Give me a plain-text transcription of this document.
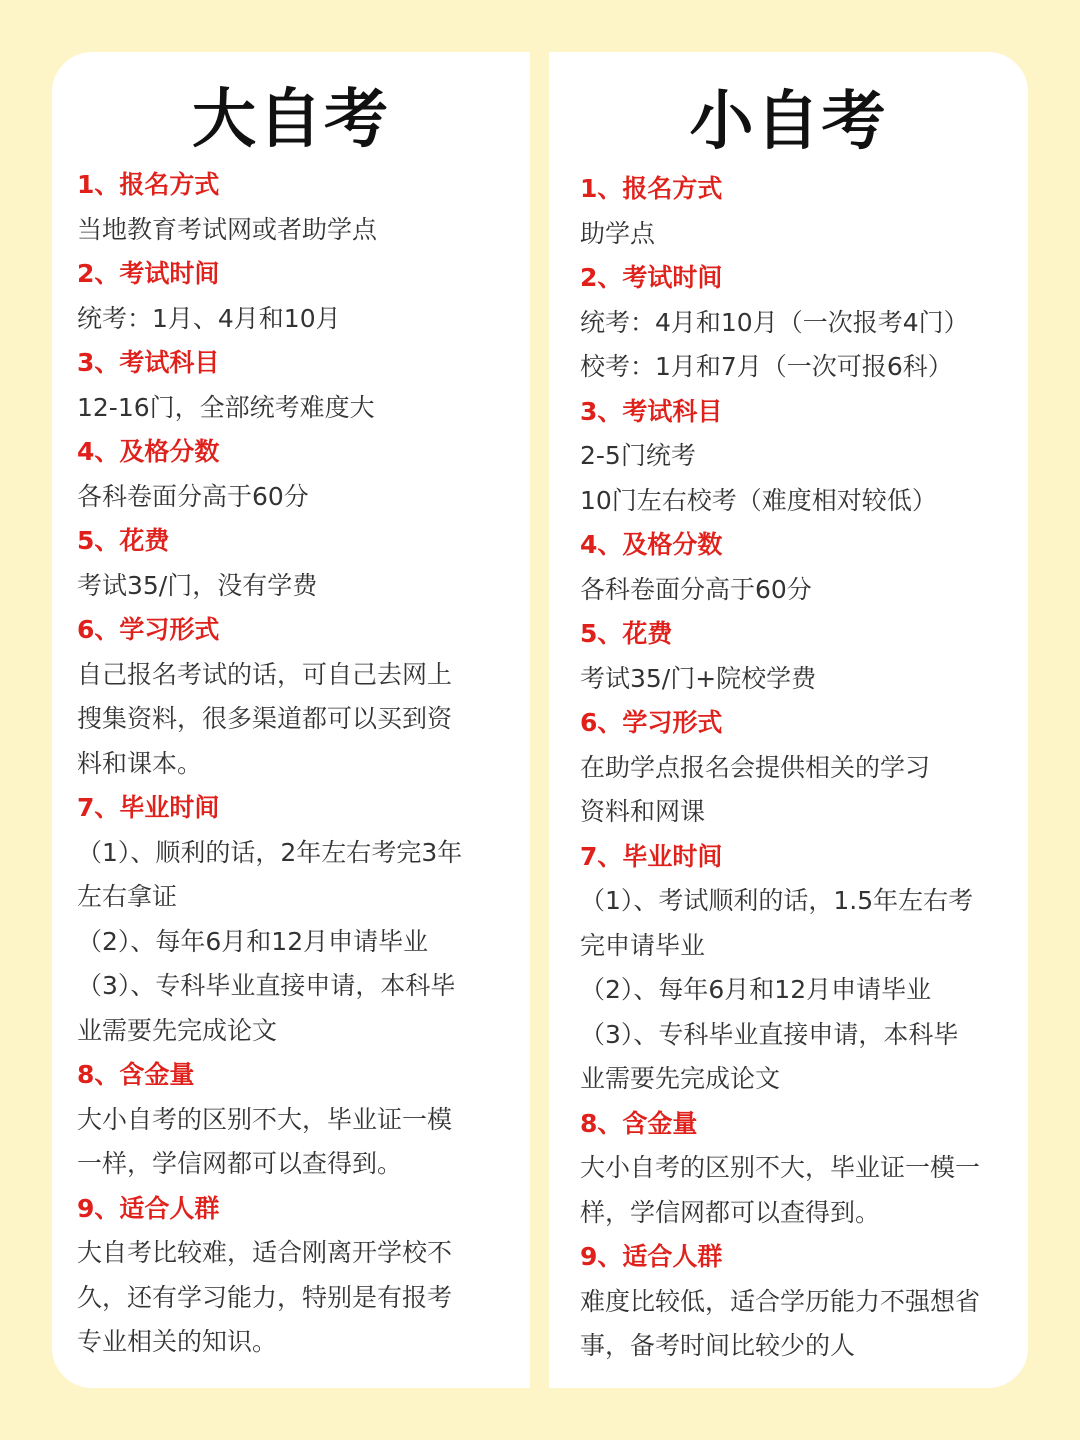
大自考
1、报名方式
当地教育考试网或者助学点
2、考试时间
统考：1月、4月和10月
3、考试科目
12-16门，全部统考难度大
4、及格分数
各科卷面分高于60分
5、花费
考试35/门，没有学费
6、学习形式
自己报名考试的话，可自己去网上
搜集资料，很多渠道都可以买到资
料和课本。
7、毕业时间
（1）、顺利的话，2年左右考完3年
左右拿证
（2）、每年6月和12月申请毕业
（3）、专科毕业直接申请，本科毕
业需要先完成论文
8、含金量
大小自考的区别不大，毕业证一模
一样，学信网都可以查得到。
9、适合人群
大自考比较难，适合刚离开学校不
久，还有学习能力，特别是有报考
专业相关的知识。
小自考
1、报名方式
助学点
2、考试时间
统考：4月和10月（一次报考4门）
校考：1月和7月（一次可报6科）
3、考试科目
2-5门统考
10门左右校考（难度相对较低）
4、及格分数
各科卷面分高于60分
5、花费
考试35/门+院校学费
6、学习形式
在助学点报名会提供相关的学习
资料和网课
7、毕业时间
（1）、考试顺利的话，1.5年左右考
完申请毕业
（2）、每年6月和12月申请毕业
（3）、专科毕业直接申请，本科毕
业需要先完成论文
8、含金量
大小自考的区别不大，毕业证一模一
样，学信网都可以查得到。
9、适合人群
难度比较低，适合学历能力不强想省
事，备考时间比较少的人
